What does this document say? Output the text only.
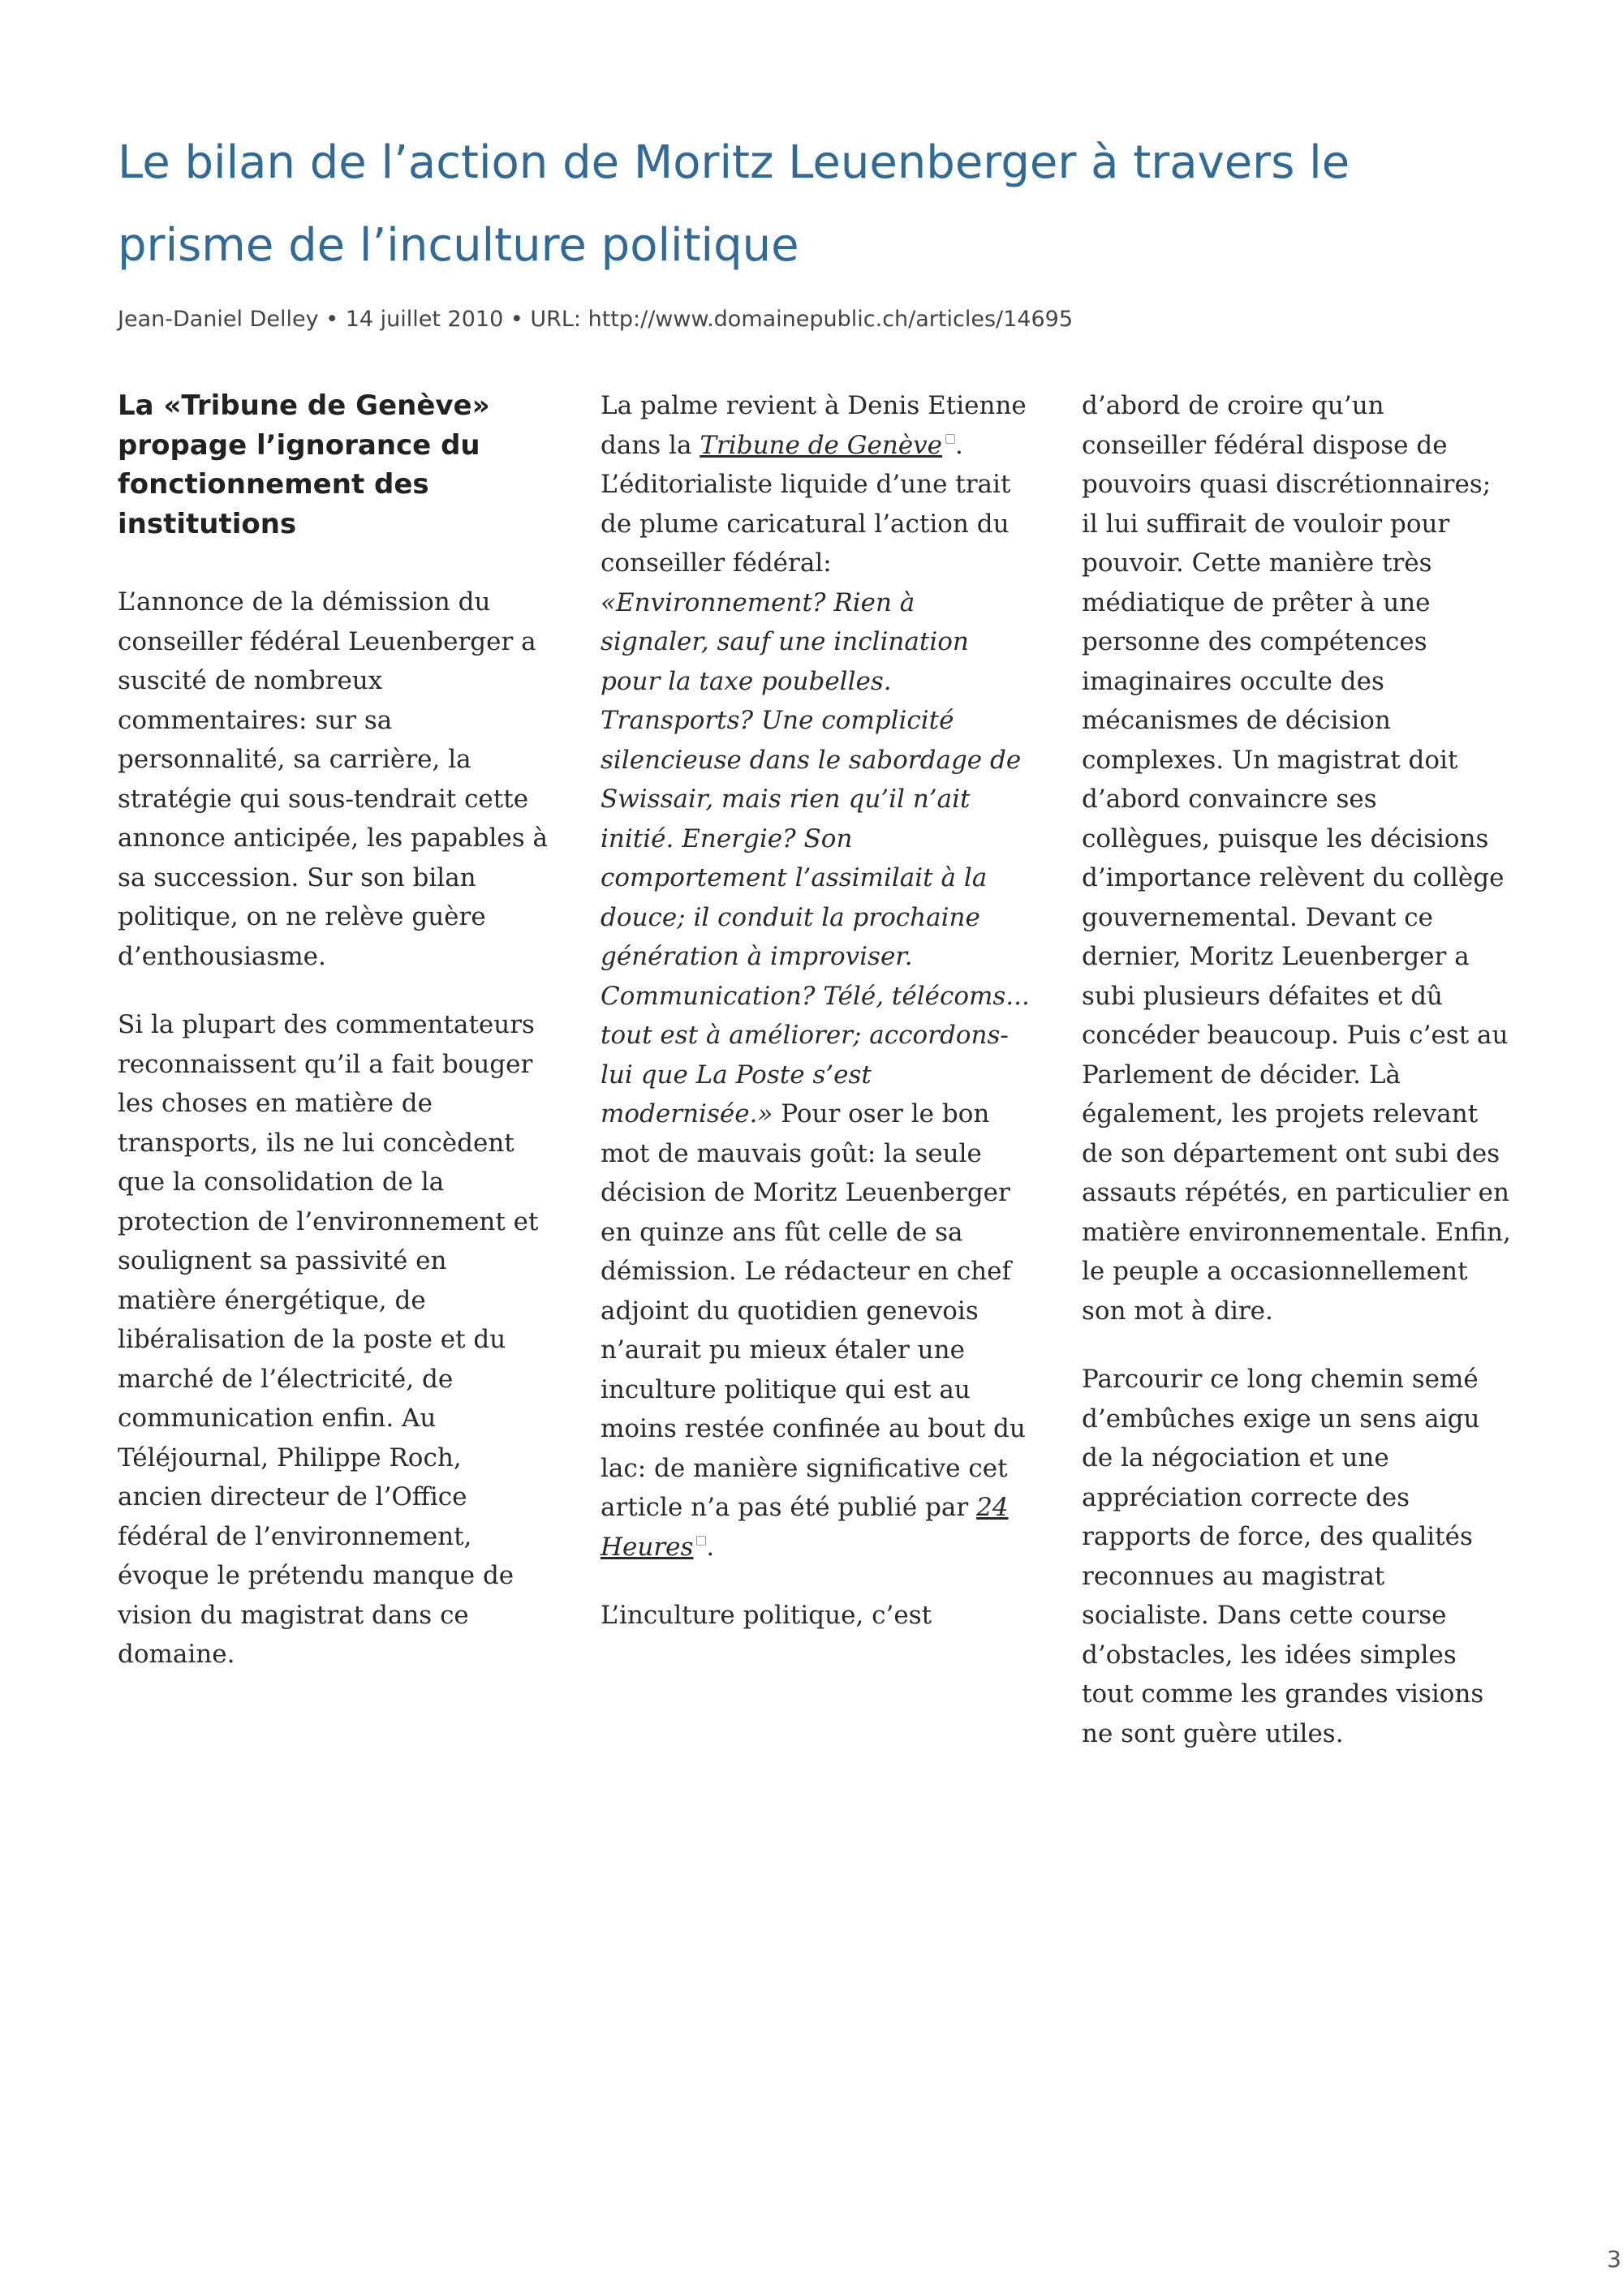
Le bilan de l’action de Moritz Leuenberger à travers le prisme de l’inculture politique
Jean-Daniel Delley • 14 juillet 2010 • URL: http://www.domainepublic.ch/articles/14695
La «Tribune de Genève» propage l’ignorance du fonctionnement des institutions

L’annonce de la démission du conseiller fédéral Leuenberger a suscité de nombreux commentaires: sur sa personnalité, sa carrière, la stratégie qui sous-tendrait cette annonce anticipée, les papables à sa succession. Sur son bilan politique, on ne relève guère d’enthousiasme.

Si la plupart des commentateurs reconnaissent qu’il a fait bouger les choses en matière de transports, ils ne lui concèdent que la consolidation de la protection de l’environnement et soulignent sa passivité en matière énergétique, de libéralisation de la poste et du marché de l’électricité, de communication enfin. Au Téléjournal, Philippe Roch, ancien directeur de l’Office fédéral de l’environnement, évoque le prétendu manque de vision du magistrat dans ce domaine.

La palme revient à Denis Etienne dans la Tribune de Genève . L’éditorialiste liquide d’une trait de plume caricatural l’action du conseiller fédéral: «Environnement? Rien à signaler, sauf une inclination pour la taxe poubelles. Transports? Une complicité silencieuse dans le sabordage de Swissair, mais rien qu’il n’ait initié. Energie? Son comportement l’assimilait à la douce; il conduit la prochaine génération à improviser. Communication? Télé, télécoms... tout est à améliorer; accordons-lui que La Poste s’est modernisée.» Pour oser le bon mot de mauvais goût: la seule décision de Moritz Leuenberger en quinze ans fût celle de sa démission. Le rédacteur en chef adjoint du quotidien genevois n’aurait pu mieux étaler une inculture politique qui est au moins restée confinée au bout du lac: de manière significative cet article n’a pas été publié par 24 Heures .

L’inculture politique, c’est

d’abord de croire qu’un conseiller fédéral dispose de pouvoirs quasi discrétionnaires; il lui suffirait de vouloir pour pouvoir. Cette manière très médiatique de prêter à une personne des compétences imaginaires occulte des mécanismes de décision complexes. Un magistrat doit d’abord convaincre ses collègues, puisque les décisions d’importance relèvent du collège gouvernemental. Devant ce dernier, Moritz Leuenberger a subi plusieurs défaites et dû concéder beaucoup. Puis c’est au Parlement de décider. Là également, les projets relevant de son département ont subi des assauts répétés, en particulier en matière environnementale. Enfin, le peuple a occasionnellement son mot à dire.

Parcourir ce long chemin semé d’embûches exige un sens aigu de la négociation et une appréciation correcte des rapports de force, des qualités reconnues au magistrat socialiste. Dans cette course d’obstacles, les idées simples tout comme les grandes visions ne sont guère utiles.

3
